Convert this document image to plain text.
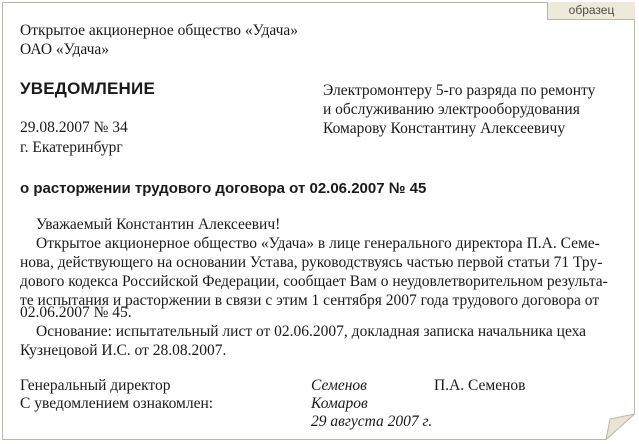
образец
Открытое акционерное общество «Удача»
ОАО «Удача»
УВЕДОМЛЕНИЕ
29.08.2007 № 34
г. Екатеринбург
Электромонтеру 5-го разряда по ремонту
и обслуживанию электрооборудования
Комарову Константину Алексеевичу
о расторжении трудового договора от 02.06.2007 № 45
Уважаемый Константин Алексеевич!
Открытое акционерное общество «Удача» в лице генерального директора П.А. Семе-
нова, действующего на основании Устава, руководствуясь частью первой статьи 71 Тру-
дового кодекса Российской Федерации, сообщает Вам о неудовлетворительном результа-
те испытания и расторжении в связи с этим 1 сентября 2007 года трудового договора от
02.06.2007 № 45.
Основание: испытательный лист от 02.06.2007, докладная записка начальника цеха
Кузнецовой И.С. от 28.08.2007.
Генеральный директор	Семенов	П.А. Семенов
С уведомлением ознакомлен:	Комаров
29 августа 2007 г.
